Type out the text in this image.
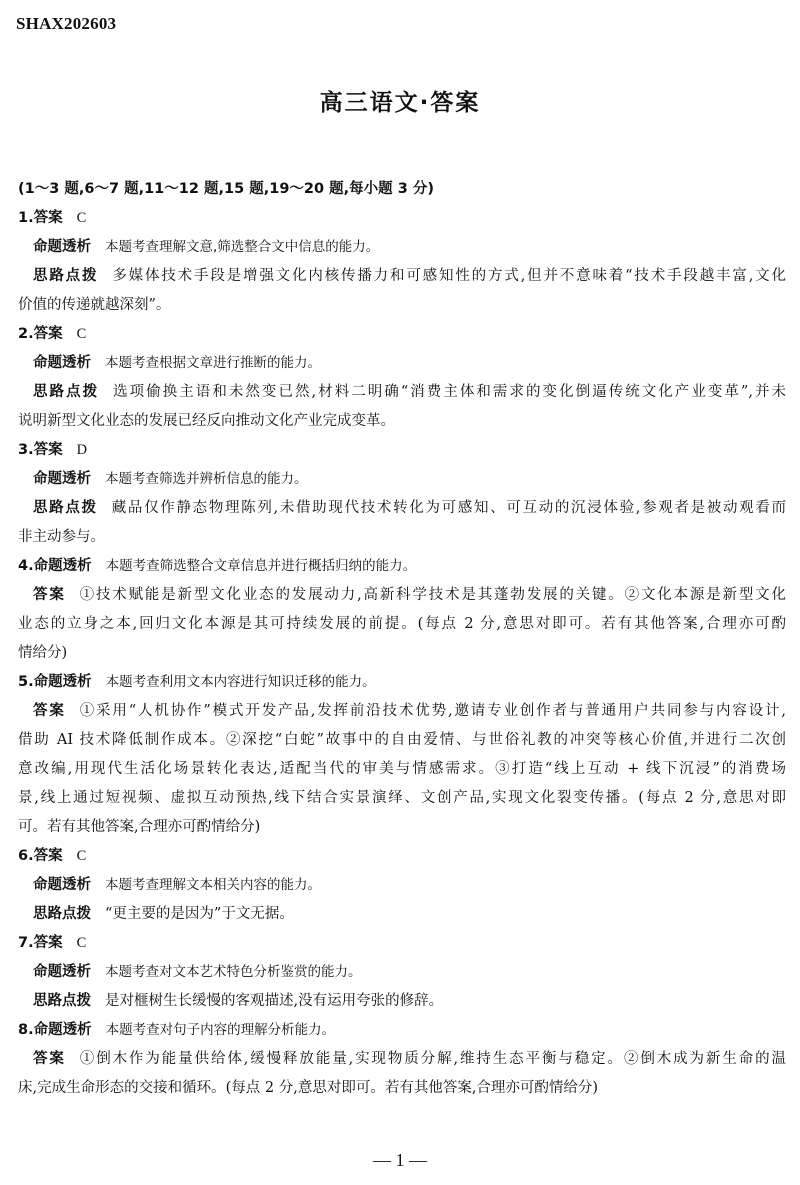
SHAX202603
高三语文·答案
(1～3 题,6～7 题,11～12 题,15 题,19～20 题,每小题 3 分)
1.答案 C
命题透析 本题考查理解文意,筛选整合文中信息的能力。
思路点拨 多媒体技术手段是增强文化内核传播力和可感知性的方式,但并不意味着“技术手段越丰富,文化
价值的传递就越深刻”。
2.答案 C
命题透析 本题考查根据文章进行推断的能力。
思路点拨 选项偷换主语和未然变已然,材料二明确“消费主体和需求的变化倒逼传统文化产业变革”,并未
说明新型文化业态的发展已经反向推动文化产业完成变革。
3.答案 D
命题透析 本题考查筛选并辨析信息的能力。
思路点拨 藏品仅作静态物理陈列,未借助现代技术转化为可感知、可互动的沉浸体验,参观者是被动观看而
非主动参与。
4.命题透析 本题考查筛选整合文章信息并进行概括归纳的能力。
答案 ①技术赋能是新型文化业态的发展动力,高新科学技术是其蓬勃发展的关键。②文化本源是新型文化
业态的立身之本,回归文化本源是其可持续发展的前提。(每点 2 分,意思对即可。若有其他答案,合理亦可酌
情给分)
5.命题透析 本题考查利用文本内容进行知识迁移的能力。
答案 ①采用“人机协作”模式开发产品,发挥前沿技术优势,邀请专业创作者与普通用户共同参与内容设计,
借助 AI 技术降低制作成本。②深挖“白蛇”故事中的自由爱情、与世俗礼教的冲突等核心价值,并进行二次创
意改编,用现代生活化场景转化表达,适配当代的审美与情感需求。③打造“线上互动 + 线下沉浸”的消费场
景,线上通过短视频、虚拟互动预热,线下结合实景演绎、文创产品,实现文化裂变传播。(每点 2 分,意思对即
可。若有其他答案,合理亦可酌情给分)
6.答案 C
命题透析 本题考查理解文本相关内容的能力。
思路点拨 “更主要的是因为”于文无据。
7.答案 C
命题透析 本题考查对文本艺术特色分析鉴赏的能力。
思路点拨 是对榧树生长缓慢的客观描述,没有运用夸张的修辞。
8.命题透析 本题考查对句子内容的理解分析能力。
答案 ①倒木作为能量供给体,缓慢释放能量,实现物质分解,维持生态平衡与稳定。②倒木成为新生命的温
床,完成生命形态的交接和循环。(每点 2 分,意思对即可。若有其他答案,合理亦可酌情给分)
— 1 —
